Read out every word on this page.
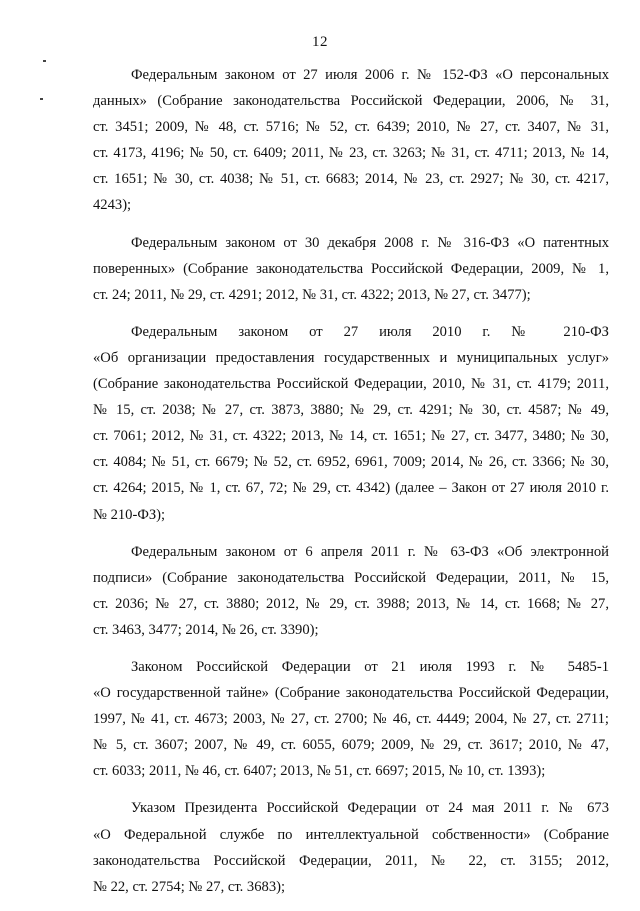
12
Федеральным законом от 27 июля 2006 г. № 152-ФЗ «О персональных
данных» (Собрание законодательства Российской Федерации, 2006, № 31,
ст. 3451; 2009, № 48, ст. 5716; № 52, ст. 6439; 2010, № 27, ст. 3407, № 31,
ст. 4173, 4196; № 50, ст. 6409; 2011, № 23, ст. 3263; № 31, ст. 4711; 2013, № 14,
ст. 1651; № 30, ст. 4038; № 51, ст. 6683; 2014, № 23, ст. 2927; № 30, ст. 4217,
4243);
Федеральным законом от 30 декабря 2008 г. № 316-ФЗ «О патентных
поверенных» (Собрание законодательства Российской Федерации, 2009, № 1,
ст. 24; 2011, № 29, ст. 4291; 2012, № 31, ст. 4322; 2013, № 27, ст. 3477);
Федеральным законом от 27 июля 2010 г. № 210-ФЗ
«Об организации предоставления государственных и муниципальных услуг»
(Собрание законодательства Российской Федерации, 2010, № 31, ст. 4179; 2011,
№ 15, ст. 2038; № 27, ст. 3873, 3880; № 29, ст. 4291; № 30, ст. 4587; № 49,
ст. 7061; 2012, № 31, ст. 4322; 2013, № 14, ст. 1651; № 27, ст. 3477, 3480; № 30,
ст. 4084; № 51, ст. 6679; № 52, ст. 6952, 6961, 7009; 2014, № 26, ст. 3366; № 30,
ст. 4264; 2015, № 1, ст. 67, 72; № 29, ст. 4342) (далее – Закон от 27 июля 2010 г.
№ 210-ФЗ);
Федеральным законом от 6 апреля 2011 г. № 63-ФЗ «Об электронной
подписи» (Собрание законодательства Российской Федерации, 2011, № 15,
ст. 2036; № 27, ст. 3880; 2012, № 29, ст. 3988; 2013, № 14, ст. 1668; № 27,
ст. 3463, 3477; 2014, № 26, ст. 3390);
Законом Российской Федерации от 21 июля 1993 г. № 5485-1
«О государственной тайне» (Собрание законодательства Российской Федерации,
1997, № 41, ст. 4673; 2003, № 27, ст. 2700; № 46, ст. 4449; 2004, № 27, ст. 2711;
№ 5, ст. 3607; 2007, № 49, ст. 6055, 6079; 2009, № 29, ст. 3617; 2010, № 47,
ст. 6033; 2011, № 46, ст. 6407; 2013, № 51, ст. 6697; 2015, № 10, ст. 1393);
Указом Президента Российской Федерации от 24 мая 2011 г. № 673
«О Федеральной службе по интеллектуальной собственности» (Собрание
законодательства Российской Федерации, 2011, № 22, ст. 3155; 2012,
№ 22, ст. 2754; № 27, ст. 3683);
